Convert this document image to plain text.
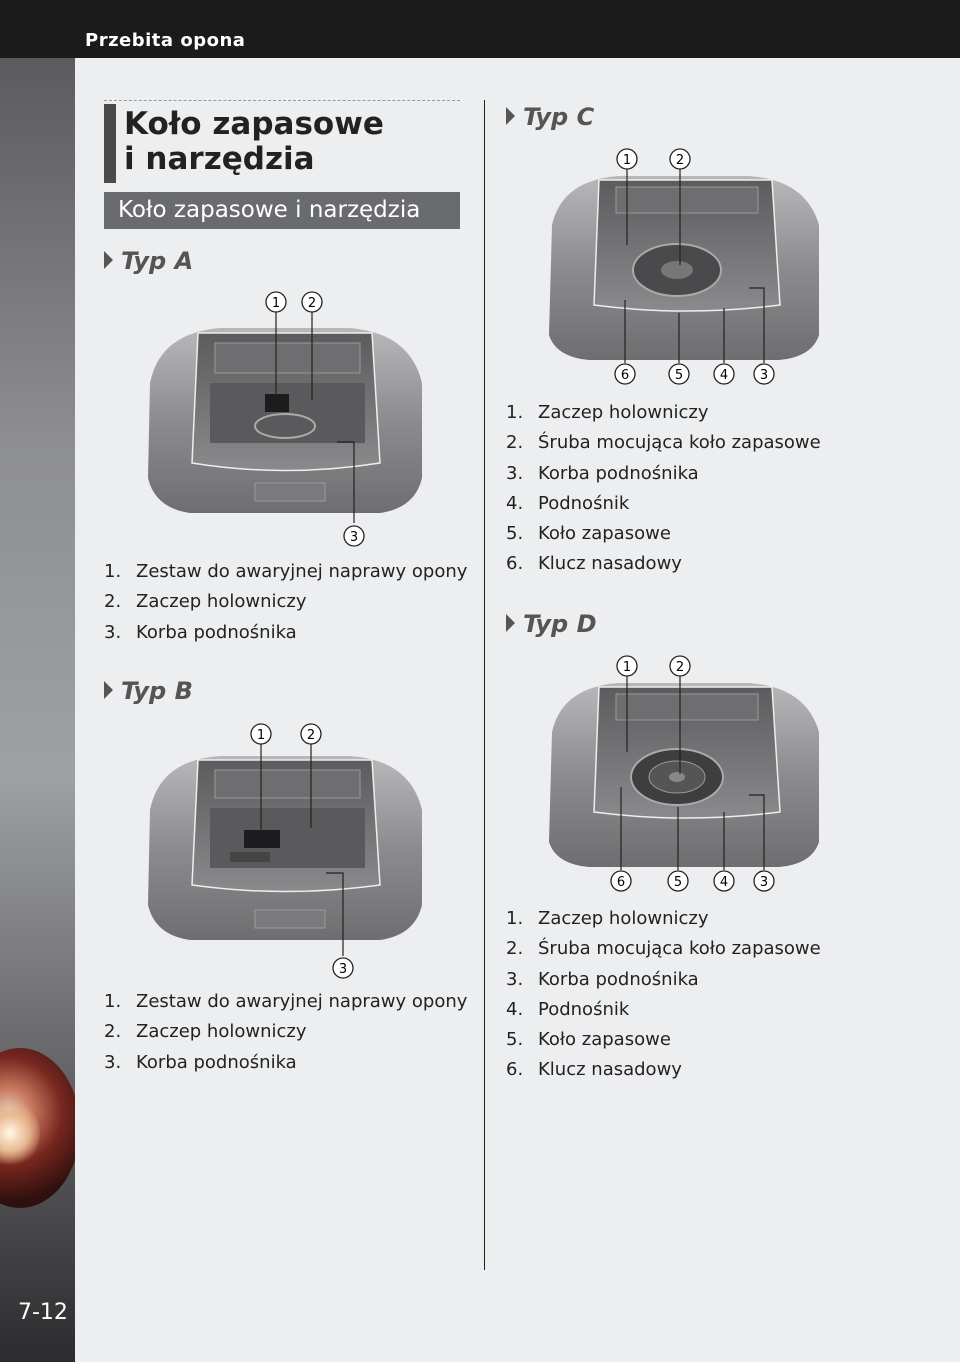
Przebita opona
7-12
Koło zapasowe
i narzędzia
Koło zapasowe i narzędzia
Typ A
1 2
3
1. Zestaw do awaryjnej naprawy opony
2. Zaczep holowniczy
3. Korba podnośnika
Typ B
1	2
3
1. Zestaw do awaryjnej naprawy opony
2. Zaczep holowniczy
3. Korba podnośnika
Typ C
1	2
6	5	4 3
1. Zaczep holowniczy
2. Śruba mocująca koło zapasowe
3. Korba podnośnika
4. Podnośnik
5. Koło zapasowe
6. Klucz nasadowy
Typ D
1	2
6	5	4 3
1. Zaczep holowniczy
2. Śruba mocująca koło zapasowe
3. Korba podnośnika
4. Podnośnik
5. Koło zapasowe
6. Klucz nasadowy
